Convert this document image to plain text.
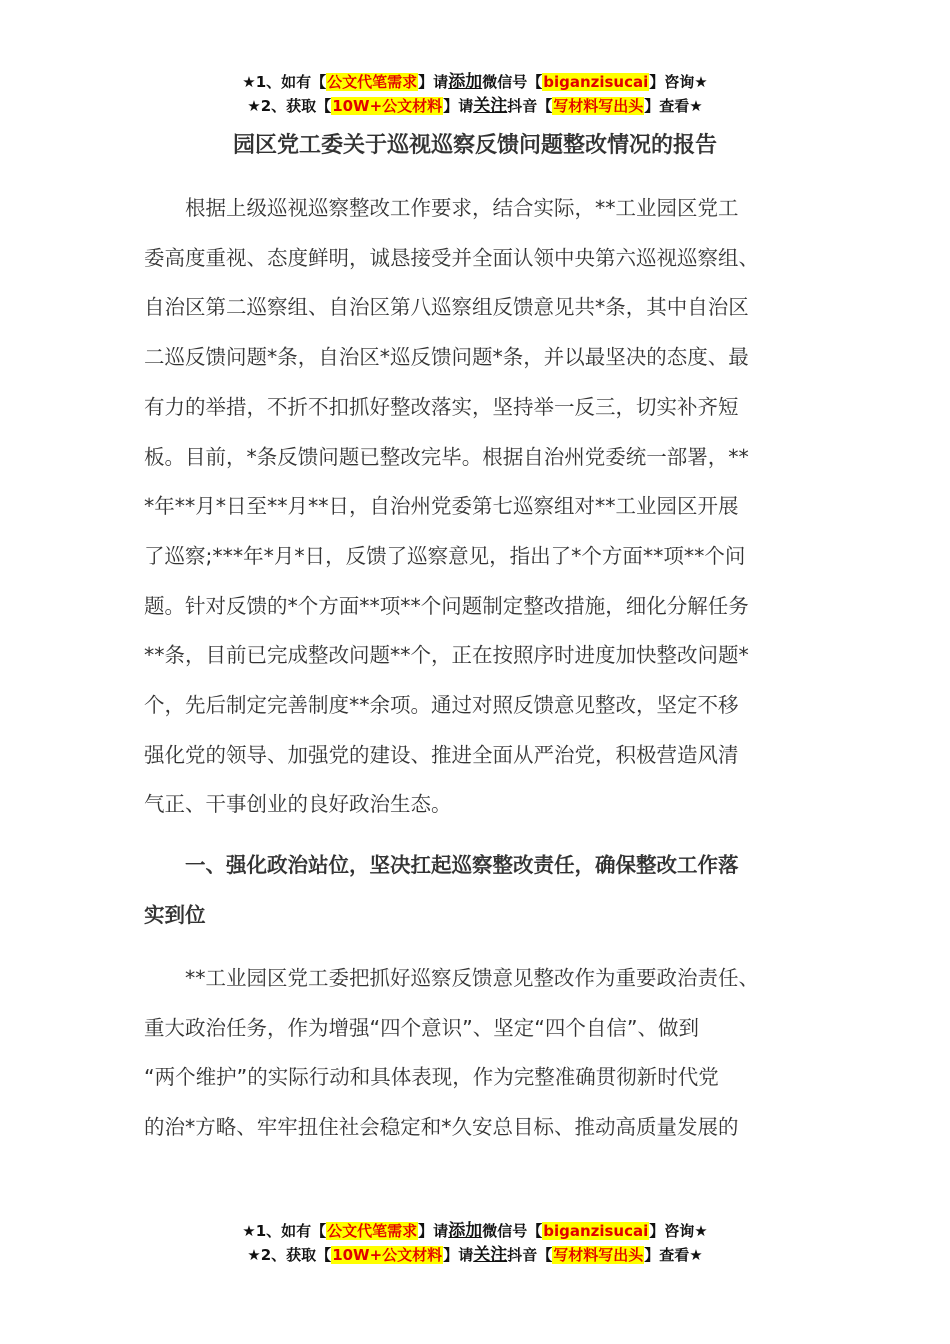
★1、如有【公文代笔需求】请添加微信号【biganzisucai】咨询★
★2、获取【10W+公文材料】请关注抖音【写材料写出头】查看★
园区党工委关于巡视巡察反馈问题整改情况的报告
　　根据上级巡视巡察整改工作要求，结合实际，**工业园区党工
委高度重视、态度鲜明，诚恳接受并全面认领中央第六巡视巡察组、
自治区第二巡察组、自治区第八巡察组反馈意见共*条，其中自治区
二巡反馈问题*条，自治区*巡反馈问题*条，并以最坚决的态度、最
有力的举措，不折不扣抓好整改落实，坚持举一反三，切实补齐短
板。目前，*条反馈问题已整改完毕。根据自治州党委统一部署，**
*年**月*日至**月**日，自治州党委第七巡察组对**工业园区开展
了巡察;***年*月*日，反馈了巡察意见，指出了*个方面**项**个问
题。针对反馈的*个方面**项**个问题制定整改措施，细化分解任务
**条，目前已完成整改问题**个，正在按照序时进度加快整改问题*
个，先后制定完善制度**余项。通过对照反馈意见整改，坚定不移
强化党的领导、加强党的建设、推进全面从严治党，积极营造风清
气正、干事创业的良好政治生态。
　　一、强化政治站位，坚决扛起巡察整改责任，确保整改工作落
实到位
　　**工业园区党工委把抓好巡察反馈意见整改作为重要政治责任、
重大政治任务，作为增强“四个意识”、坚定“四个自信”、做到
“两个维护”的实际行动和具体表现，作为完整准确贯彻新时代党
的治*方略、牢牢扭住社会稳定和*久安总目标、推动高质量发展的
★1、如有【公文代笔需求】请添加微信号【biganzisucai】咨询★
★2、获取【10W+公文材料】请关注抖音【写材料写出头】查看★
